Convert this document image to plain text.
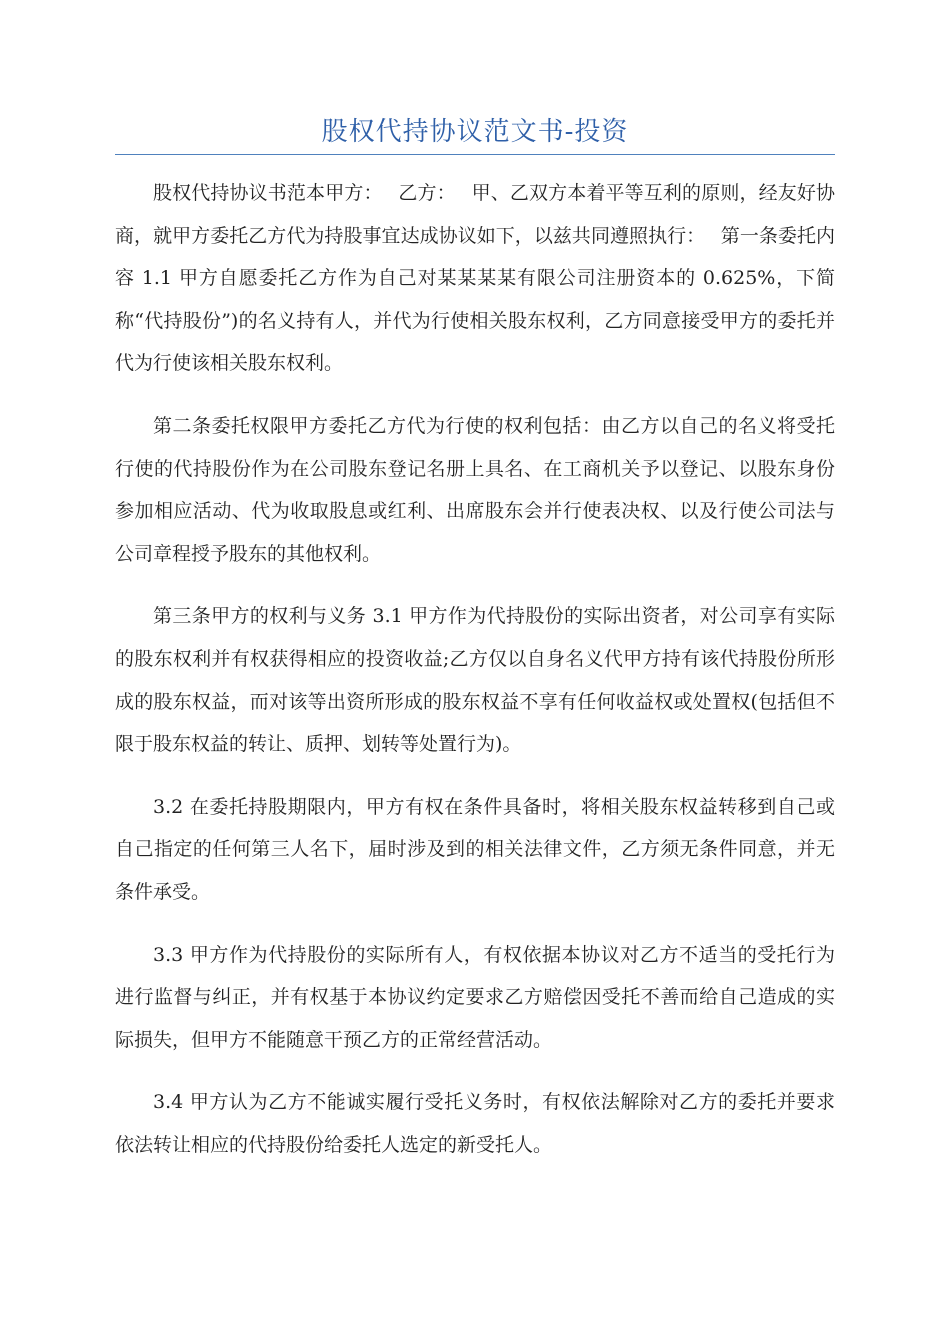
股权代持协议范文书-投资

股权代持协议书范本甲方：　 乙方：　 甲、乙双方本着平等互利的原则，经友好协商，就甲方委托乙方代为持股事宜达成协议如下，以兹共同遵照执行：　 第一条委托内容 1.1 甲方自愿委托乙方作为自己对某某某某有限公司注册资本的 0.625%，下简称“代持股份”)的名义持有人，并代为行使相关股东权利，乙方同意接受甲方的委托并代为行使该相关股东权利。

第二条委托权限甲方委托乙方代为行使的权利包括：由乙方以自己的名义将受托行使的代持股份作为在公司股东登记名册上具名、在工商机关予以登记、以股东身份参加相应活动、代为收取股息或红利、出席股东会并行使表决权、以及行使公司法与公司章程授予股东的其他权利。

第三条甲方的权利与义务 3.1 甲方作为代持股份的实际出资者，对公司享有实际的股东权利并有权获得相应的投资收益;乙方仅以自身名义代甲方持有该代持股份所形成的股东权益，而对该等出资所形成的股东权益不享有任何收益权或处置权(包括但不限于股东权益的转让、质押、划转等处置行为)。

3.2 在委托持股期限内，甲方有权在条件具备时，将相关股东权益转移到自己或自己指定的任何第三人名下，届时涉及到的相关法律文件，乙方须无条件同意，并无条件承受。

3.3 甲方作为代持股份的实际所有人，有权依据本协议对乙方不适当的受托行为进行监督与纠正，并有权基于本协议约定要求乙方赔偿因受托不善而给自己造成的实际损失，但甲方不能随意干预乙方的正常经营活动。

3.4 甲方认为乙方不能诚实履行受托义务时，有权依法解除对乙方的委托并要求依法转让相应的代持股份给委托人选定的新受托人。
